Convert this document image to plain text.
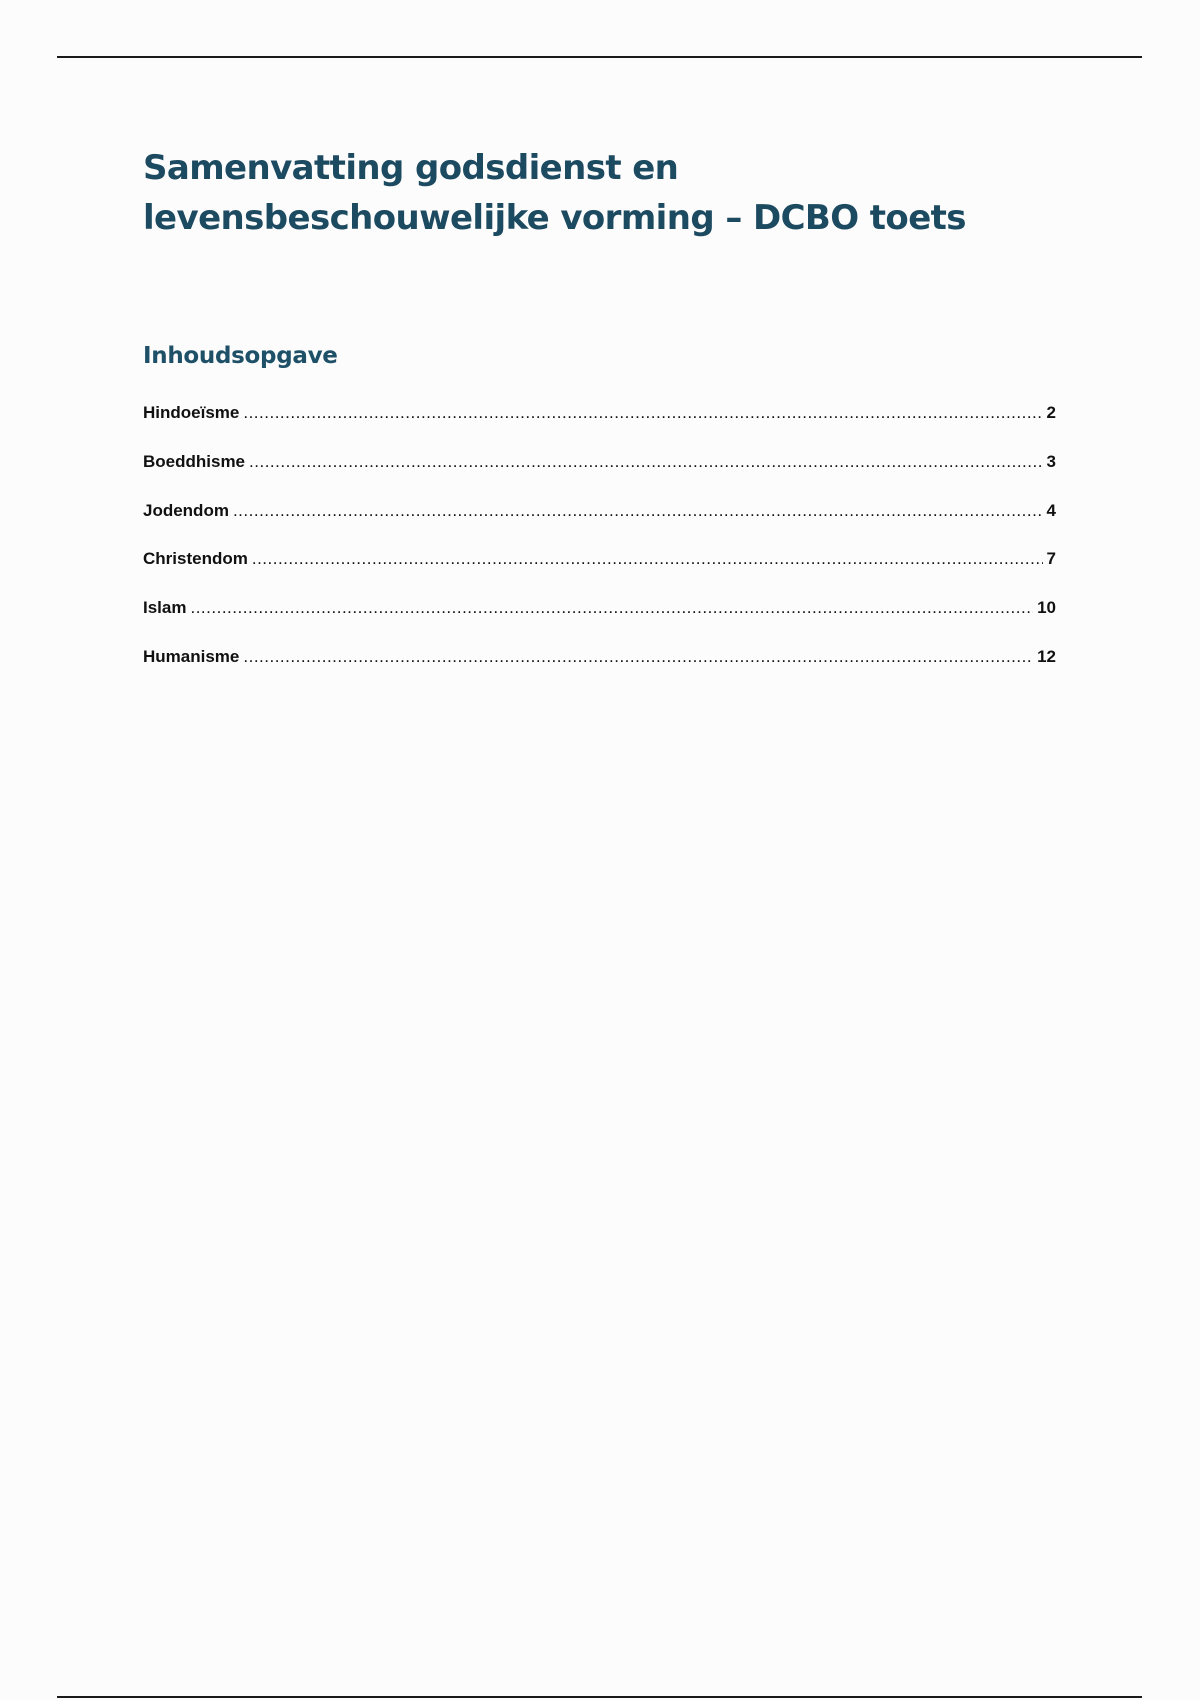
Samenvatting godsdienst en levensbeschouwelijke vorming – DCBO toets
Inhoudsopgave
Hindoeïsme .....	2
Boeddhisme .....	3
Jodendom .....	4
Christendom .....	7
Islam .....	10
Humanisme .....	12
